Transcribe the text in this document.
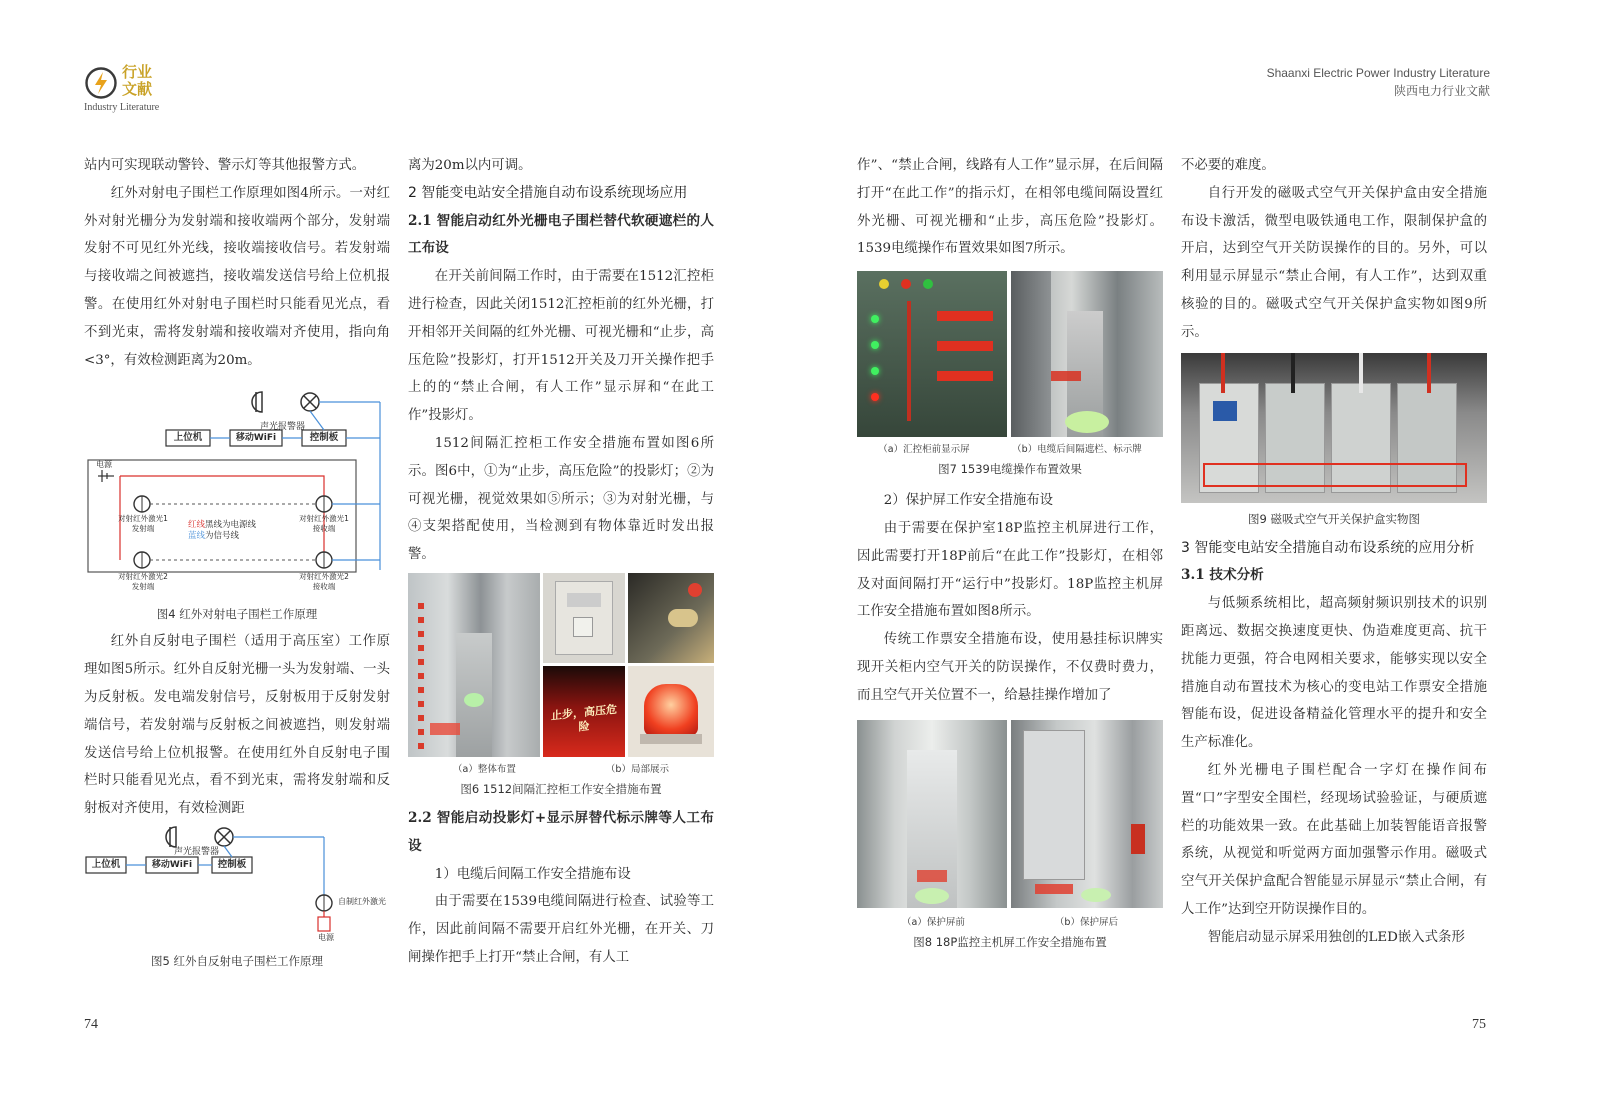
行业文献
Industry Literature
Shaanxi Electric Power Industry Literature
陕西电力行业文献

站内可实现联动警铃、警示灯等其他报警方式。

红外对射电子围栏工作原理如图4所示。一对红外对射光栅分为发射端和接收端两个部分，发射端发射不可见红外光线，接收端接收信号。若发射端与接收端之间被遮挡，接收端发送信号给上位机报警。在使用红外对射电子围栏时只能看见光点，看不到光束，需将发射端和接收端对齐使用，指向角<3°，有效检测距离为20m。

声光报警器
上位机	移动WiFi	控制板
电源
对射红外激光1
发射端
对射红外激光1
接收端
对射红外激光2
发射端
对射红外激光2
接收端
红线黑线为电源线
蓝线为信号线
图4 红外对射电子围栏工作原理

红外自反射电子围栏（适用于高压室）工作原理如图5所示。红外自反射光栅一头为发射端、一头为反射板。发电端发射信号，反射板用于反射发射端信号，若发射端与反射板之间被遮挡，则发射端发送信号给上位机报警。在使用红外自反射电子围栏时只能看见光点，看不到光束，需将发射端和反射板对齐使用，有效检测距

声光报警器
上位机	移动WiFi	控制板
自制红外激光
电源
图5 红外自反射电子围栏工作原理

离为20m以内可调。

2 智能变电站安全措施自动布设系统现场应用

2.1 智能启动红外光栅电子围栏替代软硬遮栏的人工布设

在开关前间隔工作时，由于需要在1512汇控柜进行检查，因此关闭1512汇控柜前的红外光栅，打开相邻开关间隔的红外光栅、可视光栅和“止步，高压危险”投影灯，打开1512开关及刀开关操作把手上的的“禁止合闸，有人工作”显示屏和“在此工作”投影灯。

1512间隔汇控柜工作安全措施布置如图6所示。图6中，①为“止步，高压危险”的投影灯；②为可视光栅，视觉效果如⑤所示；③为对射光栅，与④支架搭配使用，当检测到有物体靠近时发出报警。

止步，高压危险
（a）整体布置	（b）局部展示
图6 1512间隔汇控柜工作安全措施布置

2.2 智能启动投影灯+显示屏替代标示牌等人工布设

1）电缆后间隔工作安全措施布设

由于需要在1539电缆间隔进行检查、试验等工作，因此前间隔不需要开启红外光栅，在开关、刀闸操作把手上打开“禁止合闸，有人工

作”、“禁止合闸，线路有人工作”显示屏，在后间隔打开“在此工作”的指示灯，在相邻电缆间隔设置红外光栅、可视光栅和“止步，高压危险”投影灯。1539电缆操作布置效果如图7所示。

（a）汇控柜前显示屏	（b）电缆后间隔遮栏、标示牌
图7 1539电缆操作布置效果

2）保护屏工作安全措施布设

由于需要在保护室18P监控主机屏进行工作，因此需要打开18P前后“在此工作”投影灯，在相邻及对面间隔打开“运行中”投影灯。18P监控主机屏工作安全措施布置如图8所示。

传统工作票安全措施布设，使用悬挂标识牌实现开关柜内空气开关的防误操作，不仅费时费力，而且空气开关位置不一，给悬挂操作增加了

（a）保护屏前	（b）保护屏后
图8 18P监控主机屏工作安全措施布置

不必要的难度。

自行开发的磁吸式空气开关保护盒由安全措施布设卡激活，微型电吸铁通电工作，限制保护盒的开启，达到空气开关防误操作的目的。另外，可以利用显示屏显示“禁止合闸，有人工作”，达到双重核验的目的。磁吸式空气开关保护盒实物如图9所示。

图9 磁吸式空气开关保护盒实物图

3 智能变电站安全措施自动布设系统的应用分析

3.1 技术分析

与低频系统相比，超高频射频识别技术的识别距离远、数据交换速度更快、伪造难度更高、抗干扰能力更强，符合电网相关要求，能够实现以安全措施自动布置技术为核心的变电站工作票安全措施智能布设，促进设备精益化管理水平的提升和安全生产标准化。

红外光栅电子围栏配合一字灯在操作间布置“口”字型安全围栏，经现场试验验证，与硬质遮栏的功能效果一致。在此基础上加装智能语音报警系统，从视觉和听觉两方面加强警示作用。磁吸式空气开关保护盒配合智能显示屏显示“禁止合闸，有人工作”达到空开防误操作目的。

智能启动显示屏采用独创的LED嵌入式条形

74	75
